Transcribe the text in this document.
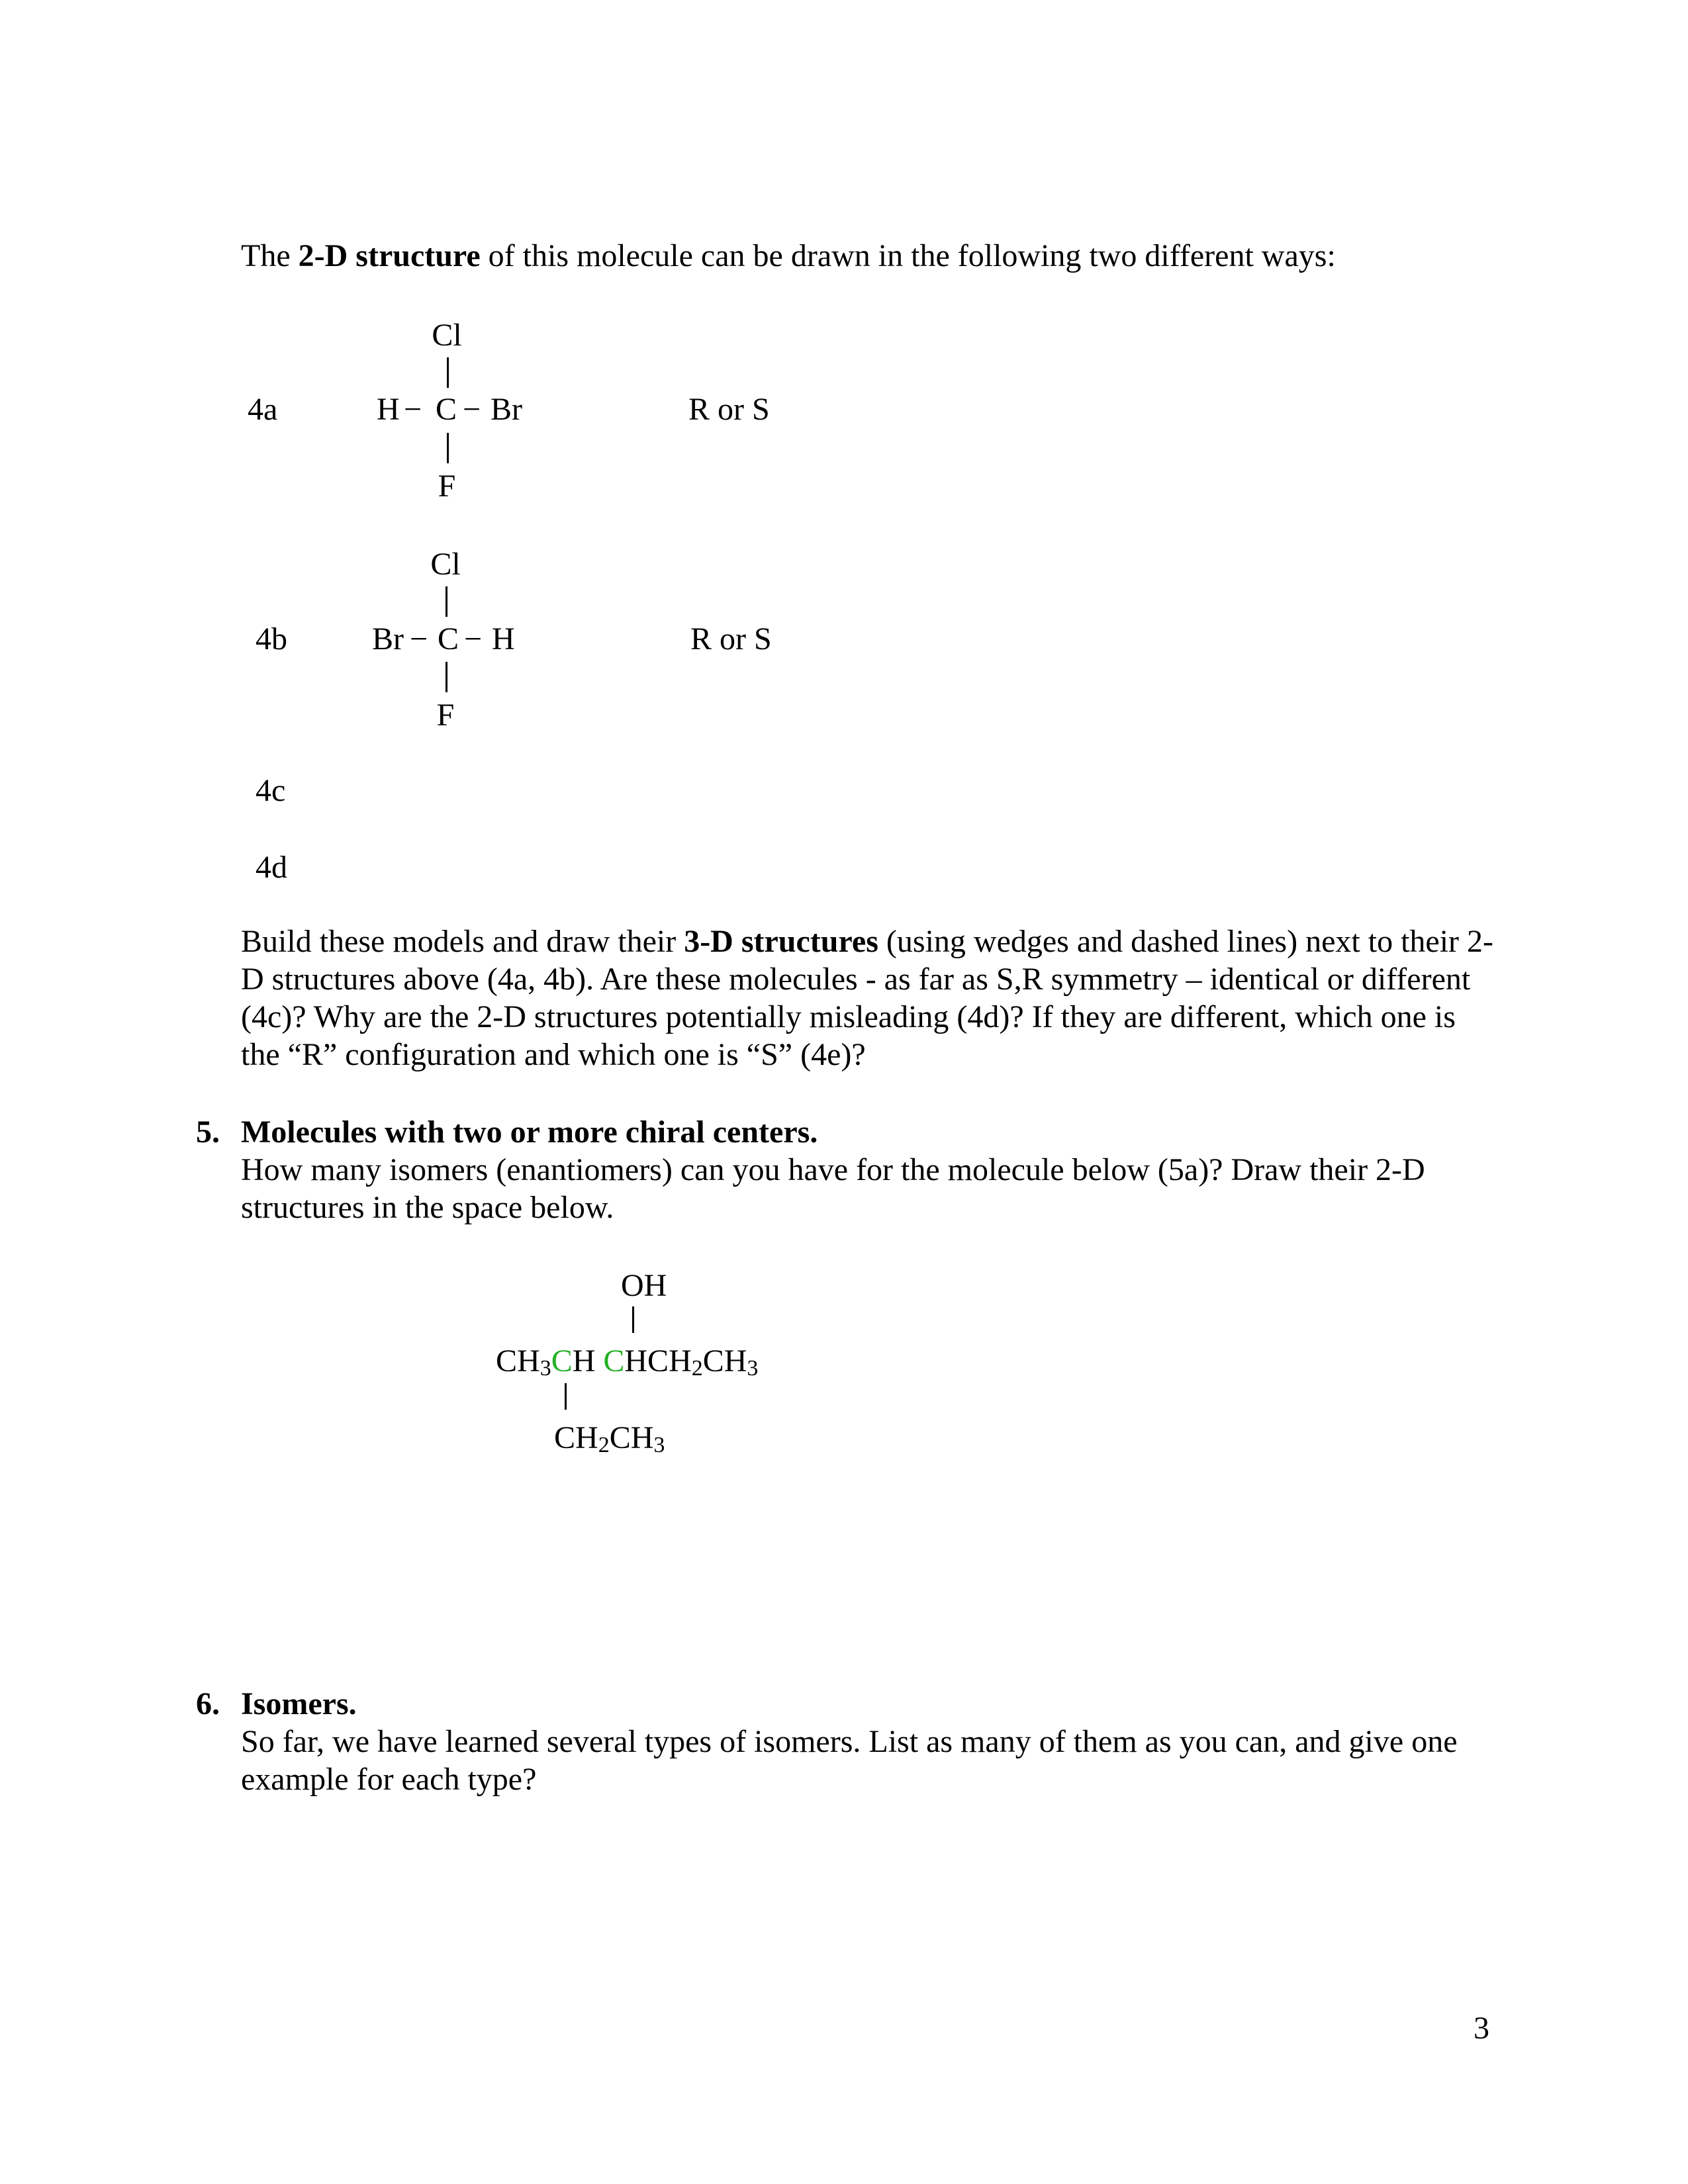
The 2-D structure of this molecule can be drawn in the following two different ways:
4a
Cl
H − C − Br
F
R or S
4b
Cl
Br − C − H
F
R or S
4c
4d
Build these models and draw their 3-D structures (using wedges and dashed lines) next to their 2-D structures above (4a, 4b). Are these molecules - as far as S,R symmetry – identical or different (4c)? Why are the 2-D structures potentially misleading (4d)? If they are different, which one is the “R” configuration and which one is “S” (4e)?
5. Molecules with two or more chiral centers.
How many isomers (enantiomers) can you have for the molecule below (5a)? Draw their 2-D structures in the space below.
OH
$CH_3CH$ $CHCH_2CH_3$
$CH_2CH_3$
6. Isomers.
So far, we have learned several types of isomers. List as many of them as you can, and give one example for each type?
3
